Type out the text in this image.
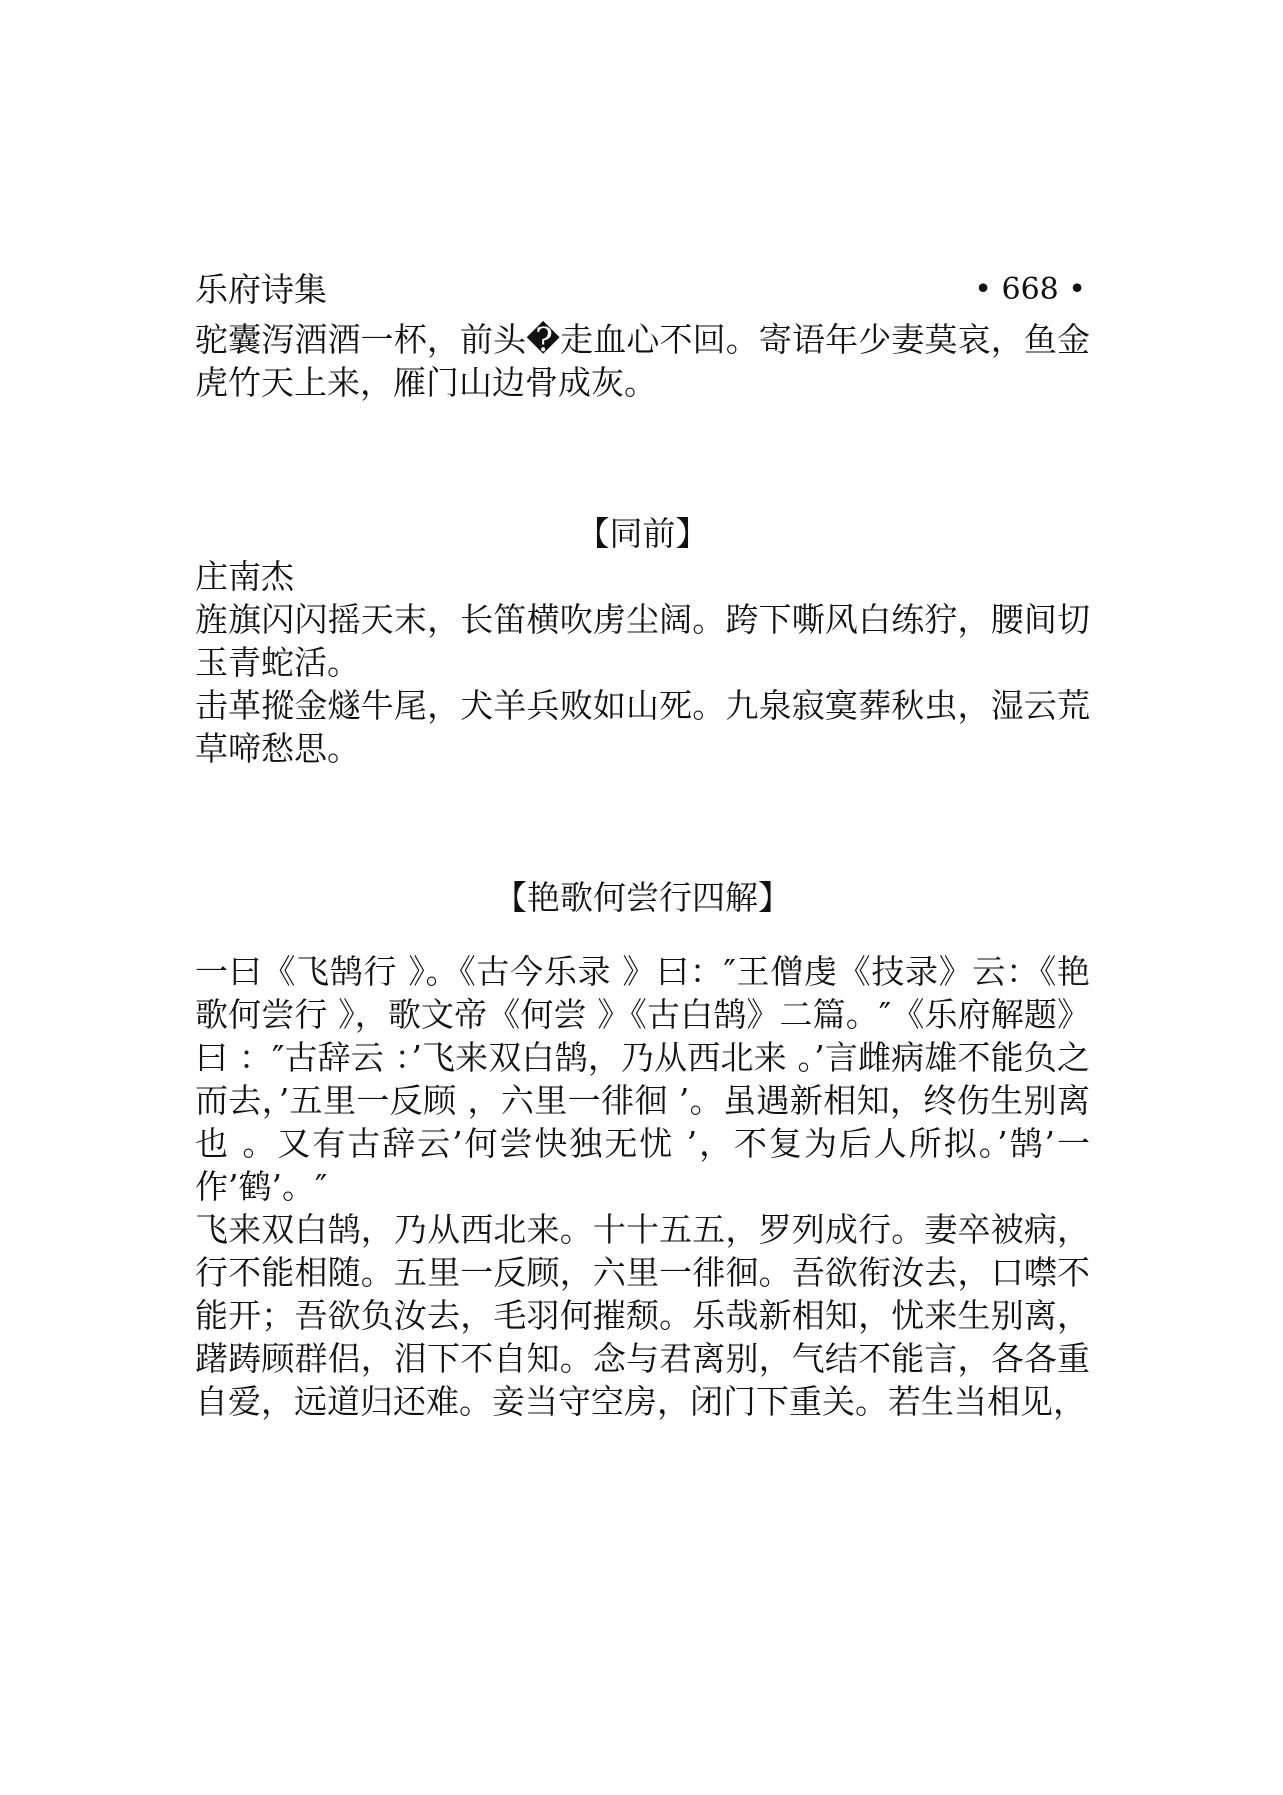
乐府诗集	• 668 •

驼囊泻酒酒一杯，前头�走血心不回。寄语年少妻莫哀，鱼金虎竹天上来，雁门山边骨成灰。

【同前】
庄南杰

旌旗闪闪摇天末，长笛横吹虏尘阔。跨下嘶风白练狞，腰间切玉青蛇活。

击革摐金燧牛尾，犬羊兵败如山死。九泉寂寞葬秋虫，湿云荒草啼愁思。

【艳歌何尝行四解】

一曰《飞鹄行 》。《古今乐录 》曰：″王僧虔《技录》云：《艳歌何尝行 》，歌文帝《何尝 》《古白鹄》二篇。″《乐府解题》曰 ：″古辞云 ：’飞来双白鹄，乃从西北来 。’言雌病雄不能负之而去，’五里一反顾 ，六里一徘徊 ’。虽遇新相知，终伤生别离也 。又有古辞云’何尝快独无忧 ’，不复为后人所拟。’鹄’一作’鹤’。″

飞来双白鹄，乃从西北来。十十五五，罗列成行。妻卒被病，行不能相随。五里一反顾，六里一徘徊。吾欲衔汝去，口噤不能开；吾欲负汝去，毛羽何摧颓。乐哉新相知，忧来生别离，躇踌顾群侣，泪下不自知。念与君离别，气结不能言，各各重自爱，远道归还难。妾当守空房，闭门下重关。若生当相见，
